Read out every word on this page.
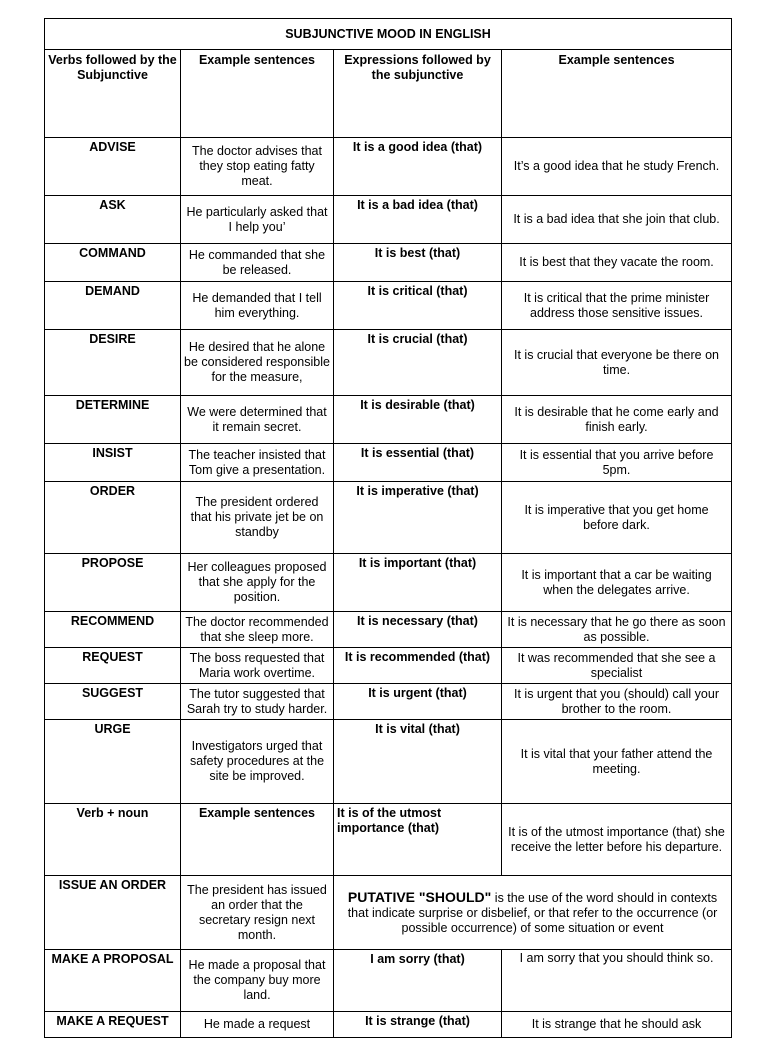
SUBJUNCTIVE MOOD IN ENGLISH			
Verbs followed by the Subjunctive	Example sentences	Expressions followed by the subjunctive	Example sentences
ADVISE	The doctor advises that they stop eating fatty meat.	It is a good idea (that)	It’s a good idea that he study French.
ASK	He particularly asked that I help you’	It is a bad idea (that)	It is a bad idea that she join that club.
COMMAND	He commanded that she be released.	It is best (that)	It is best that they vacate the room.
DEMAND	He demanded that I tell him everything.	It is critical (that)	It is critical that the prime minister address those sensitive issues.
DESIRE	He desired that he alone be considered responsible for the measure,	It is crucial (that)	It is crucial that everyone be there on time.
DETERMINE	We were determined that it remain secret.	It is desirable (that)	It is desirable that he come early and finish early.
INSIST	The teacher insisted that Tom give a presentation.	It is essential (that)	It is essential that you arrive before 5pm.
ORDER	The president ordered that his private jet be on standby	It is imperative (that)	It is imperative that you get home before dark.
PROPOSE	Her colleagues proposed that she apply for the position.	It is important (that)	It is important that a car be waiting when the delegates arrive.
RECOMMEND	The doctor recommended that she sleep more.	It is necessary (that)	It is necessary that he go there as soon as possible.
REQUEST	The boss requested that Maria work overtime.	It is recommended (that)	It was recommended that she see a specialist
SUGGEST	The tutor suggested that Sarah try to study harder.	It is urgent (that)	It is urgent that you (should) call your brother to the room.
URGE	Investigators urged that safety procedures at the site be improved.	It is vital (that)	It is vital that your father attend the meeting.
Verb + noun	Example sentences	It is of the utmost importance (that)	It is of the utmost importance (that) she receive the letter before his departure.
ISSUE AN ORDER	The president has issued an order that the secretary resign next month.	PUTATIVE "SHOULD" is the use of the word should in contexts that indicate surprise or disbelief, or that refer to the occurrence (or possible occurrence) of some situation or event	
MAKE A PROPOSAL	He made a proposal that the company buy more land.	I am sorry (that)	I am sorry that you should think so.
MAKE A REQUEST	He made a request	It is strange (that)	It is strange that he should ask
